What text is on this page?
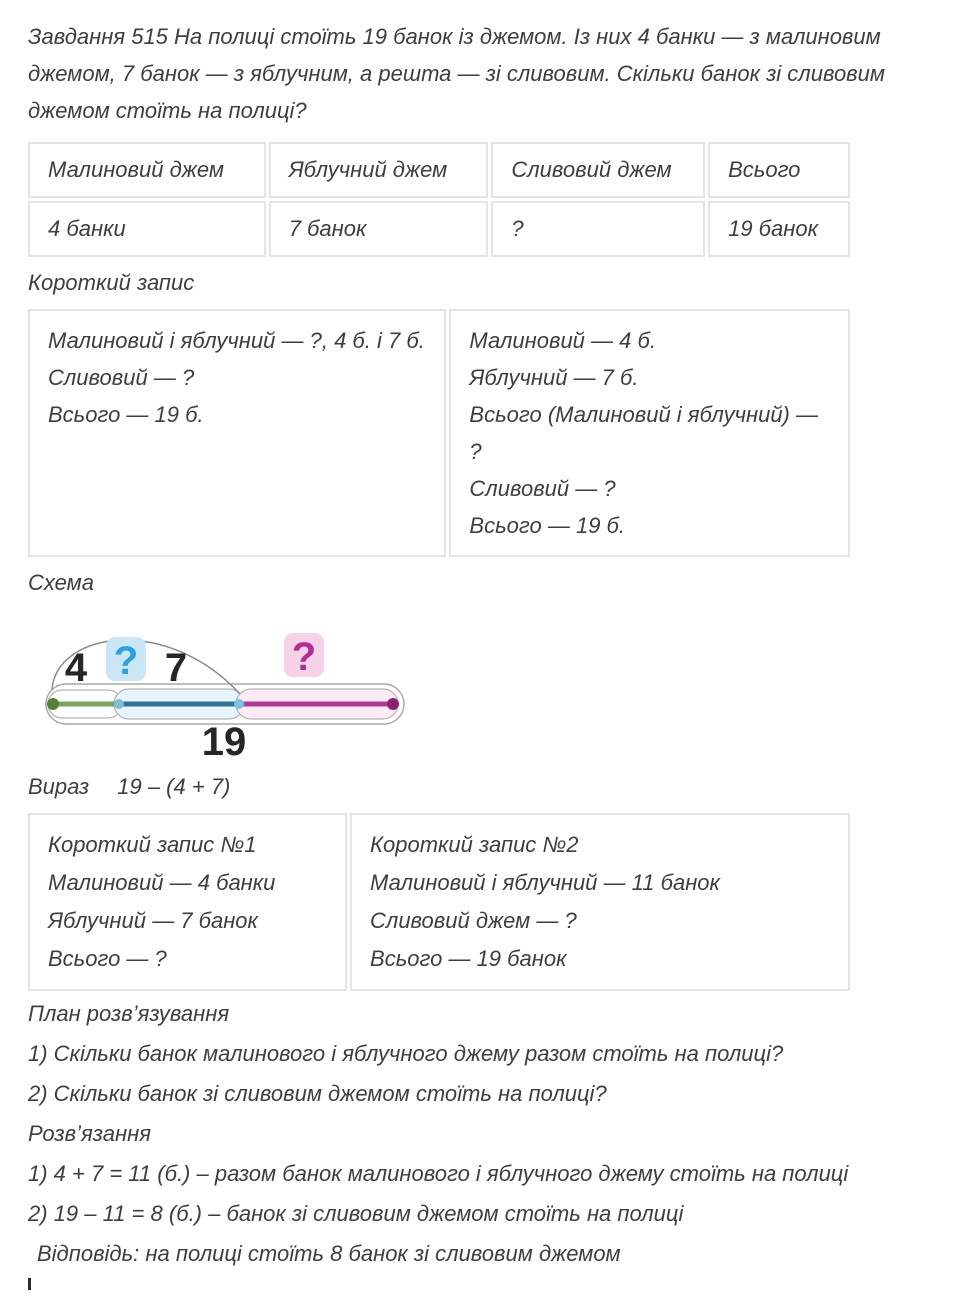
Завдання 515 На полиці стоїть 19 банок із джемом. Із них 4 банки — з малиновим джемом, 7 банок — з яблучним, а решта — зі сливовим. Скільки банок зі сливовим джемом стоїть на полиці?

Малиновий джем	Яблучний джем	Сливовий джем	Всього
4 банки	7 банок	?	19 банок

Короткий запис

Малиновий і яблучний — ?, 4 б. і 7 б.

Сливовий — ?

Всього — 19 б.

Малиновий — 4 б.

Яблучний — 7 б.

Всього (Малиновий і яблучний) — ?

Сливовий — ?

Всього — 19 б.

Схема

4 ? 7	?
19

Вираз 19 – (4 + 7)

Короткий запис №1

Малиновий — 4 банки

Яблучний — 7 банок

Всього — ?

Короткий запис №2

Малиновий і яблучний — 11 банок

Сливовий джем — ?

Всього — 19 банок

План розв’язування

1) Скільки банок малинового і яблучного джему разом стоїть на полиці?

2) Скільки банок зі сливовим джемом стоїть на полиці?

Розв’язання

1) 4 + 7 = 11 (б.) – разом банок малинового і яблучного джему стоїть на полиці

2) 19 – 11 = 8 (б.) – банок зі сливовим джемом стоїть на полиці

Відповідь: на полиці стоїть 8 банок зі сливовим джемом
